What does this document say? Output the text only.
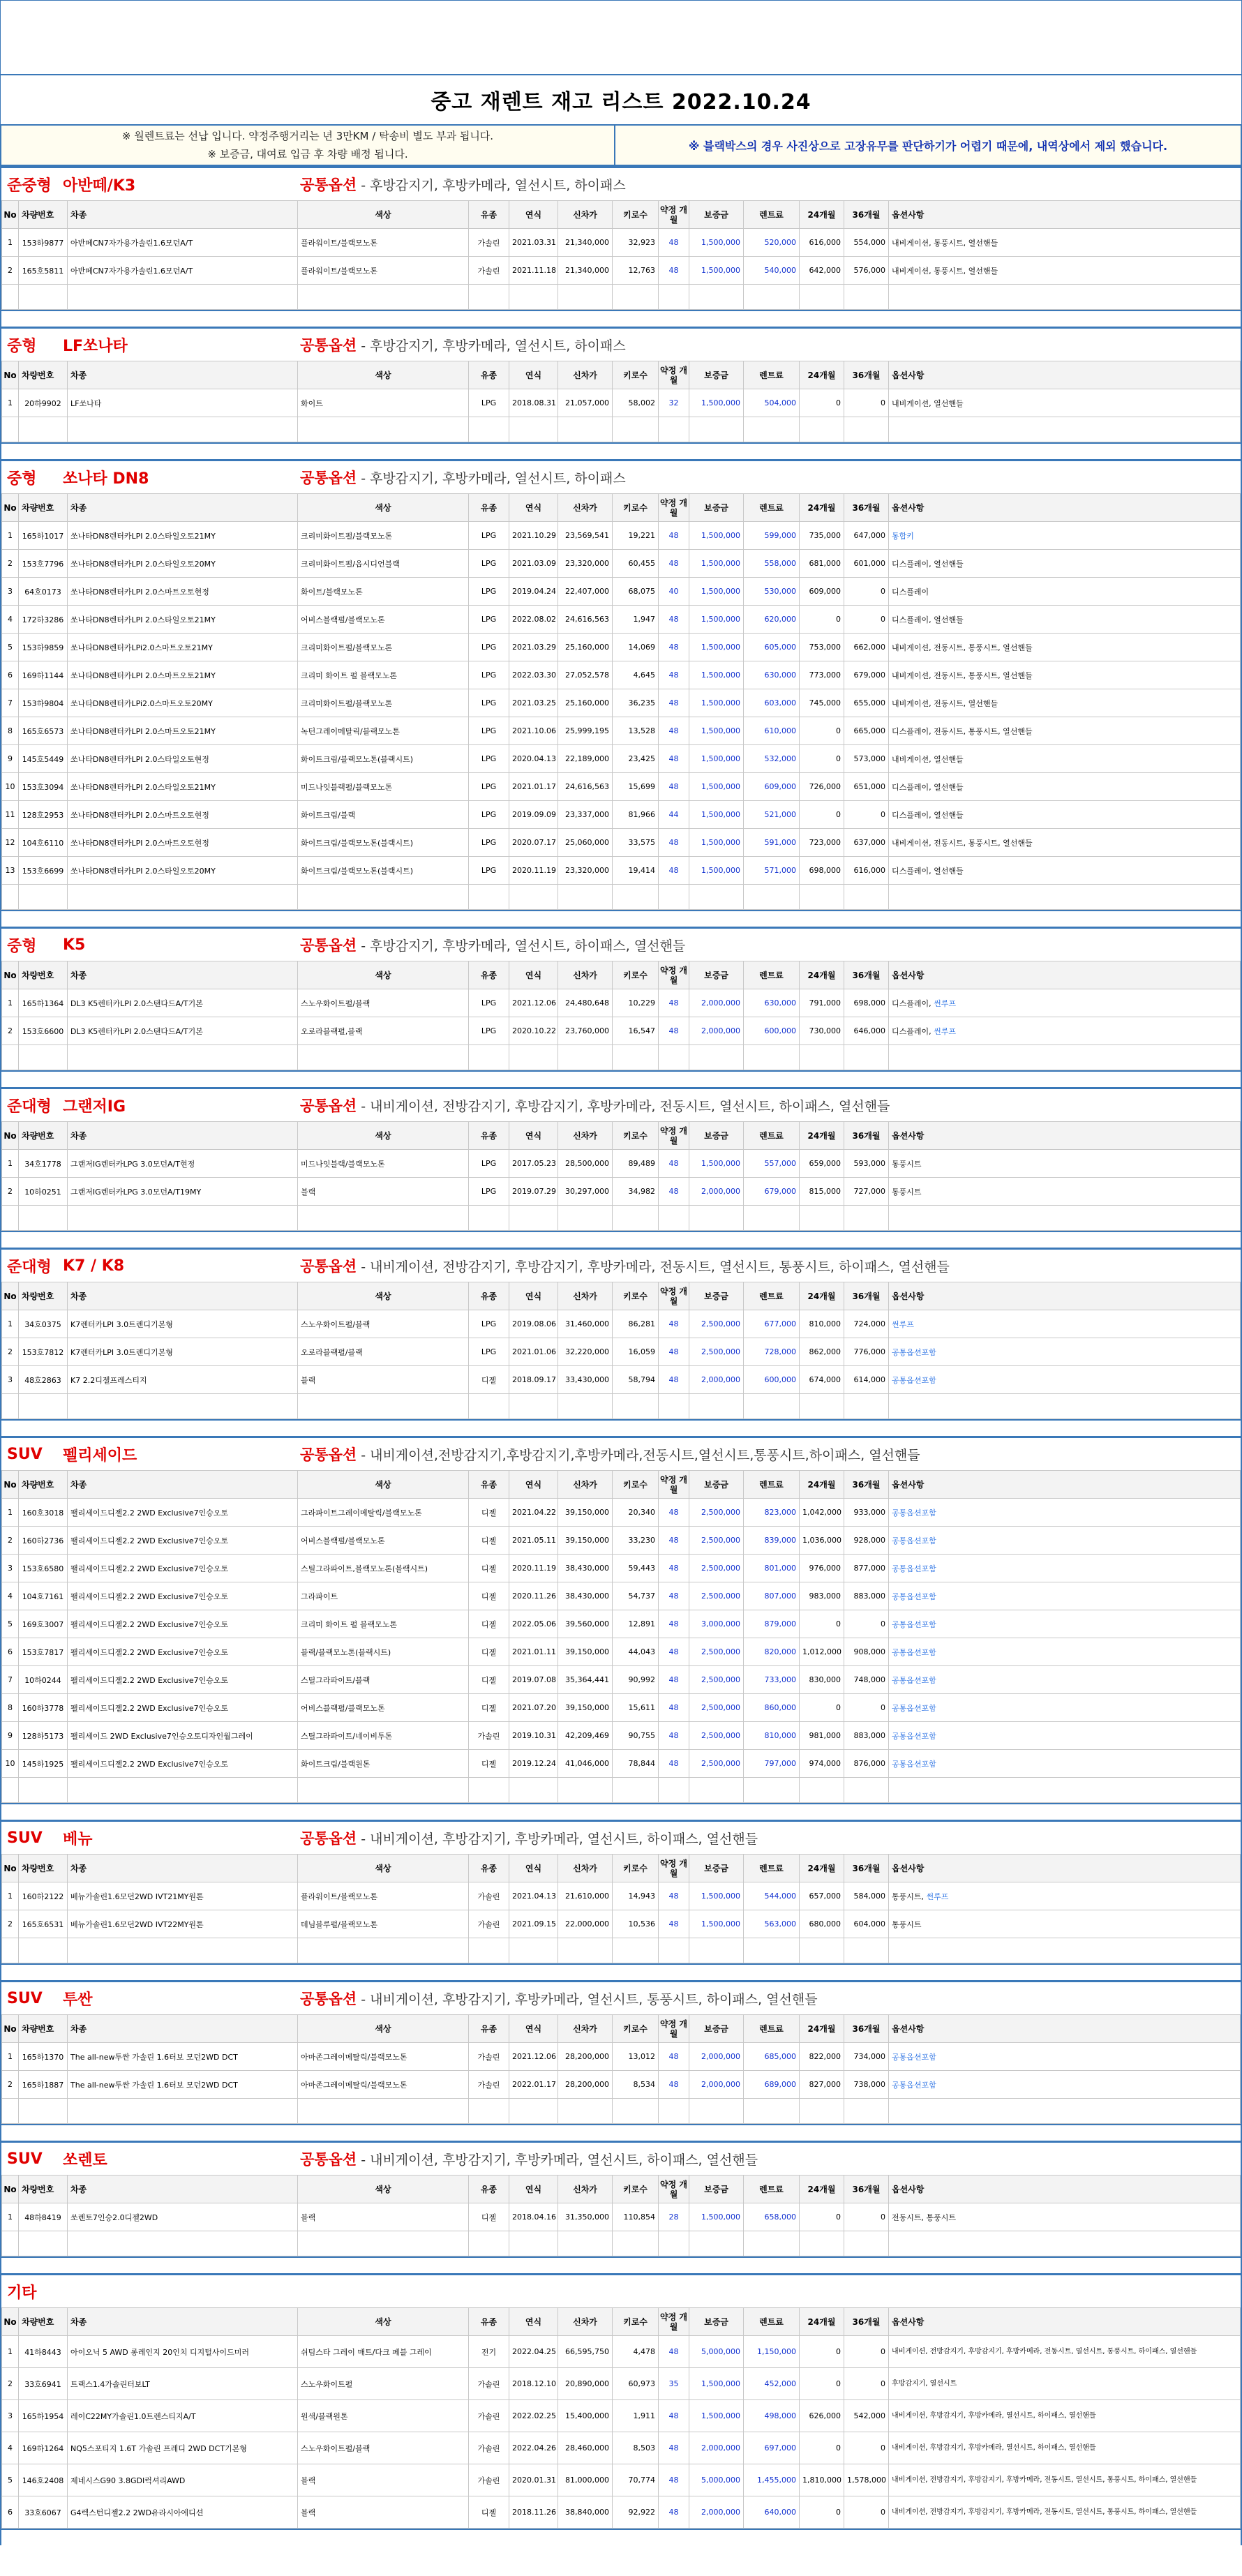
중고 재렌트 재고 리스트 2022.10.24
※ 월렌트료는 선납 입니다. 약정주행거리는 년 3만KM / 탁송비 별도 부과 됩니다.
※ 보증금, 대여료 입금 후 차량 배정 됩니다.
※ 블랙박스의 경우 사진상으로 고장유무를 판단하기가 어렵기 때문에, 내역상에서 제외 했습니다.
준중형 아반떼/K3	공통옵션 - 후방감지기, 후방카메라, 열선시트, 하이패스
No	차량번호	차종	색상	유종	연식	신차가	키로수	약정 개월	보증금	렌트료	24개월	36개월	옵션사항
1	153하9877	아반떼CN7자가용가솔린1.6모던A/T	플라워이트/블랙모노톤	가솔린	2021.03.31	21,340,000	32,923	48	1,500,000	520,000	616,000	554,000	내비게이션, 통풍시트, 열선핸들
2	165호5811	아반떼CN7자가용가솔린1.6모던A/T	플라워이트/블랙모노톤	가솔린	2021.11.18	21,340,000	12,763	48	1,500,000	540,000	642,000	576,000	내비게이션, 통풍시트, 열선핸들

중형	LF쏘나타	공통옵션 - 후방감지기, 후방카메라, 열선시트, 하이패스
No	차량번호	차종	색상	유종	연식	신차가	키로수	약정 개월	보증금	렌트료	24개월	36개월	옵션사항
1	20하9902	LF쏘나타	화이트	LPG	2018.08.31	21,057,000	58,002	32	1,500,000	504,000	0	0	내비게이션, 열선핸들

중형	쏘나타 DN8	공통옵션 - 후방감지기, 후방카메라, 열선시트, 하이패스
No	차량번호	차종	색상	유종	연식	신차가	키로수	약정 개월	보증금	렌트료	24개월	36개월	옵션사항
1	165하1017	쏘나타DN8렌터카LPI 2.0스타일오토21MY	크리미화이트펄/블랙모노톤	LPG	2021.10.29	23,569,541	19,221	48	1,500,000	599,000	735,000	647,000	통합키
2	153호7796	쏘나타DN8렌터카LPI 2.0스타일오토20MY	크리미화이트펄/옵시디언블랙	LPG	2021.03.09	23,320,000	60,455	48	1,500,000	558,000	681,000	601,000	디스플레이, 열선핸들
3	64호0173	쏘나타DN8렌터카LPI 2.0스마트오토현정	화이트/블랙모노톤	LPG	2019.04.24	22,407,000	68,075	40	1,500,000	530,000	609,000	0	디스플레이
4	172하3286	쏘나타DN8렌터카LPI 2.0스타일오토21MY	어비스블랙펄/블랙모노톤	LPG	2022.08.02	24,616,563	1,947	48	1,500,000	620,000	0	0	디스플레이, 열선핸들
5	153하9859	쏘나타DN8렌터카LPi2.0스마트오토21MY	크리미화이트펄/블랙모노톤	LPG	2021.03.29	25,160,000	14,069	48	1,500,000	605,000	753,000	662,000	내비게이션, 전동시트, 통풍시트, 열선핸들
6	169하1144	쏘나타DN8렌터카LPI 2.0스마트오토21MY	크리미 화이트 펄 블랙모노톤	LPG	2022.03.30	27,052,578	4,645	48	1,500,000	630,000	773,000	679,000	내비게이션, 전동시트, 통풍시트, 열선핸들
7	153하9804	쏘나타DN8렌터카LPi2.0스마트오토20MY	크리미화이트펄/블랙모노톤	LPG	2021.03.25	25,160,000	36,235	48	1,500,000	603,000	745,000	655,000	내비게이션, 전동시트, 열선핸들
8	165호6573	쏘나타DN8렌터카LPI 2.0스마트오토21MY	녹턴그레이메탈릭/블랙모노톤	LPG	2021.10.06	25,999,195	13,528	48	1,500,000	610,000	0	665,000	디스플레이, 전동시트, 통풍시트, 열선핸들
9	145호5449	쏘나타DN8렌터카LPI 2.0스타일오토현정	화이트크림/블랙모노톤(블랙시트)	LPG	2020.04.13	22,189,000	23,425	48	1,500,000	532,000	0	573,000	내비게이션, 열선핸들
10	153호3094	쏘나타DN8렌터카LPI 2.0스타일오토21MY	미드나잇블랙펄/블랙모노톤	LPG	2021.01.17	24,616,563	15,699	48	1,500,000	609,000	726,000	651,000	디스플레이, 열선핸들
11	128호2953	쏘나타DN8렌터카LPI 2.0스마트오토현정	화이트크림/블랙	LPG	2019.09.09	23,337,000	81,966	44	1,500,000	521,000	0	0	디스플레이, 열선핸들
12	104호6110	쏘나타DN8렌터카LPI 2.0스마트오토현정	화이트크림/블랙모노톤(블랙시트)	LPG	2020.07.17	25,060,000	33,575	48	1,500,000	591,000	723,000	637,000	내비게이션, 전동시트, 통풍시트, 열선핸들
13	153호6699	쏘나타DN8렌터카LPI 2.0스타일오토20MY	화이트크림/블랙모노톤(블랙시트)	LPG	2020.11.19	23,320,000	19,414	48	1,500,000	571,000	698,000	616,000	디스플레이, 열선핸들

중형	K5	공통옵션 - 후방감지기, 후방카메라, 열선시트, 하이패스, 열선핸들
No	차량번호	차종	색상	유종	연식	신차가	키로수	약정 개월	보증금	렌트료	24개월	36개월	옵션사항
1	165하1364	DL3 K5렌터카LPI 2.0스탠다드A/T기본	스노우화이트펄/블랙	LPG	2021.12.06	24,480,648	10,229	48	2,000,000	630,000	791,000	698,000	디스플레이, 썬루프
2	153호6600	DL3 K5렌터카LPI 2.0스탠다드A/T기본	오로라블랙펄,블랙	LPG	2020.10.22	23,760,000	16,547	48	2,000,000	600,000	730,000	646,000	디스플레이, 썬루프

준대형 그랜저IG	공통옵션 - 내비게이션, 전방감지기, 후방감지기, 후방카메라, 전동시트, 열선시트, 하이패스, 열선핸들
No	차량번호	차종	색상	유종	연식	신차가	키로수	약정 개월	보증금	렌트료	24개월	36개월	옵션사항
1	34호1778	그랜저IG렌터카LPG 3.0모던A/T현정	미드나잇블랙/블랙모노톤	LPG	2017.05.23	28,500,000	89,489	48	1,500,000	557,000	659,000	593,000	통풍시트
2	10하0251	그랜저IG렌터카LPG 3.0모던A/T19MY	블랙	LPG	2019.07.29	30,297,000	34,982	48	2,000,000	679,000	815,000	727,000	통풍시트

준대형 K7 / K8	공통옵션 - 내비게이션, 전방감지기, 후방감지기, 후방카메라, 전동시트, 열선시트, 통풍시트, 하이패스, 열선핸들
No	차량번호	차종	색상	유종	연식	신차가	키로수	약정 개월	보증금	렌트료	24개월	36개월	옵션사항
1	34호0375	K7렌터카LPI 3.0트렌디기본형	스노우화이트펄/블랙	LPG	2019.08.06	31,460,000	86,281	48	2,500,000	677,000	810,000	724,000	썬루프
2	153호7812	K7렌터카LPI 3.0트렌디기본형	오로라블랙펄/블랙	LPG	2021.01.06	32,220,000	16,059	48	2,500,000	728,000	862,000	776,000	공통옵션포함
3	48호2863	K7 2.2디젤프레스티지	블랙	디젤	2018.09.17	33,430,000	58,794	48	2,000,000	600,000	674,000	614,000	공통옵션포함

SUV	펠리세이드	공통옵션 - 내비게이션,전방감지기,후방감지기,후방카메라,전동시트,열선시트,통풍시트,하이패스, 열선핸들
No	차량번호	차종	색상	유종	연식	신차가	키로수	약정 개월	보증금	렌트료	24개월	36개월	옵션사항
1	160호3018	팰리세이드디젤2.2 2WD Exclusive7인승오토	그라파이트그레이메탈릭/블랙모노톤	디젤	2021.04.22	39,150,000	20,340	48	2,500,000	823,000	1,042,000	933,000	공통옵션포함
2	160하2736	팰리세이드디젤2.2 2WD Exclusive7인승오토	어비스블랙펄/블랙모노톤	디젤	2021.05.11	39,150,000	33,230	48	2,500,000	839,000	1,036,000	928,000	공통옵션포함
3	153호6580	팰리세이드디젤2.2 2WD Exclusive7인승오토	스틸그라파이트,블랙모노톤(블랙시트)	디젤	2020.11.19	38,430,000	59,443	48	2,500,000	801,000	976,000	877,000	공통옵션포함
4	104호7161	팰리세이드디젤2.2 2WD Exclusive7인승오토	그라파이트	디젤	2020.11.26	38,430,000	54,737	48	2,500,000	807,000	983,000	883,000	공통옵션포함
5	169호3007	팰리세이드디젤2.2 2WD Exclusive7인승오토	크리미 화이트 펄 블랙모노톤	디젤	2022.05.06	39,560,000	12,891	48	3,000,000	879,000	0	0	공통옵션포함
6	153호7817	팰리세이드디젤2.2 2WD Exclusive7인승오토	블랙/블랙모노톤(블랙시트)	디젤	2021.01.11	39,150,000	44,043	48	2,500,000	820,000	1,012,000	908,000	공통옵션포함
7	10하0244	팰리세이드디젤2.2 2WD Exclusive7인승오토	스틸그라파이트/블랙	디젤	2019.07.08	35,364,441	90,992	48	2,500,000	733,000	830,000	748,000	공통옵션포함
8	160하3778	팰리세이드디젤2.2 2WD Exclusive7인승오토	어비스블랙펄/블랙모노톤	디젤	2021.07.20	39,150,000	15,611	48	2,500,000	860,000	0	0	공통옵션포함
9	128하5173	팰리세이드 2WD Exclusive7인승오토디자인월그레이	스틸그라파이트/네이비투톤	가솔린	2019.10.31	42,209,469	90,755	48	2,500,000	810,000	981,000	883,000	공통옵션포함
10	145하1925	팰리세이드디젤2.2 2WD Exclusive7인승오토	화이트크림/블랙원톤	디젤	2019.12.24	41,046,000	78,844	48	2,500,000	797,000	974,000	876,000	공통옵션포함

SUV	베뉴	공통옵션 - 내비게이션, 후방감지기, 후방카메라, 열선시트, 하이패스, 열선핸들
No	차량번호	차종	색상	유종	연식	신차가	키로수	약정 개월	보증금	렌트료	24개월	36개월	옵션사항
1	160하2122	베뉴가솔린1.6모던2WD IVT21MY원톤	플라워이트/블랙모노톤	가솔린	2021.04.13	21,610,000	14,943	48	1,500,000	544,000	657,000	584,000	통풍시트, 썬루프
2	165호6531	베뉴가솔린1.6모던2WD IVT22MY원톤	데님블루펄/블랙모노톤	가솔린	2021.09.15	22,000,000	10,536	48	1,500,000	563,000	680,000	604,000	통풍시트

SUV	투싼	공통옵션 - 내비게이션, 후방감지기, 후방카메라, 열선시트, 통풍시트, 하이패스, 열선핸들
No	차량번호	차종	색상	유종	연식	신차가	키로수	약정 개월	보증금	렌트료	24개월	36개월	옵션사항
1	165하1370	The all-new투싼 가솔린 1.6터보 모던2WD DCT	아마존그레이메탈릭/블랙모노톤	가솔린	2021.12.06	28,200,000	13,012	48	2,000,000	685,000	822,000	734,000	공통옵션포함
2	165하1887	The all-new투싼 가솔린 1.6터보 모던2WD DCT	아마존그레이메탈릭/블랙모노톤	가솔린	2022.01.17	28,200,000	8,534	48	2,000,000	689,000	827,000	738,000	공통옵션포함

SUV	쏘렌토	공통옵션 - 내비게이션, 후방감지기, 후방카메라, 열선시트, 하이패스, 열선핸들
No	차량번호	차종	색상	유종	연식	신차가	키로수	약정 개월	보증금	렌트료	24개월	36개월	옵션사항
1	48하8419	쏘렌토7인승2.0디젤2WD	블랙	디젤	2018.04.16	31,350,000	110,854	28	1,500,000	658,000	0	0	전동시트, 통풍시트

기타
No	차량번호	차종	색상	유종	연식	신차가	키로수	약정 개월	보증금	렌트료	24개월	36개월	옵션사항
1	41하8443	아이오닉 5 AWD 롱레인지 20인치 디지털사이드미러	쉬팀스타 그레이 매트/다크 페블 그레이	전기	2022.04.25	66,595,750	4,478	48	5,000,000	1,150,000	0	0	내비게이션, 전방감지기, 후방감지기, 후방카메라, 전동시트, 열선시트, 통풍시트, 하이패스, 열선핸들
2	33호6941	트랙스1.4가솔린터보LT	스노우화이트펄	가솔린	2018.12.10	20,890,000	60,973	35	1,500,000	452,000	0	0	후방감지기, 열선시트
3	165하1954	레이C22MY가솔린1.0트렌스티지A/T	원색/블랙원톤	가솔린	2022.02.25	15,400,000	1,911	48	1,500,000	498,000	626,000	542,000	내비게이션, 후방감지기, 후방카메라, 열선시트, 하이패스, 열선핸들
4	169하1264	NQ5스포티지 1.6T 가솔린 프레디 2WD DCT기본형	스노우화이트펄/블랙	가솔린	2022.04.26	28,460,000	8,503	48	2,000,000	697,000	0	0	내비게이션, 후방감지기, 후방카메라, 열선시트, 하이패스, 열선핸들
5	146호2408	제네시스G90 3.8GDI럭셔리AWD	블랙	가솔린	2020.01.31	81,000,000	70,774	48	5,000,000	1,455,000	1,810,000	1,578,000	내비게이션, 전방감지기, 후방감지기, 후방카메라, 전동시트, 열선시트, 통풍시트, 하이패스, 열선핸들
6	33호6067	G4렉스턴디젤2.2 2WD유라시아에디션	블랙	디젤	2018.11.26	38,840,000	92,922	48	2,000,000	640,000	0	0	내비게이션, 전방감지기, 후방감지기, 후방카메라, 전동시트, 열선시트, 통풍시트, 하이패스, 열선핸들
